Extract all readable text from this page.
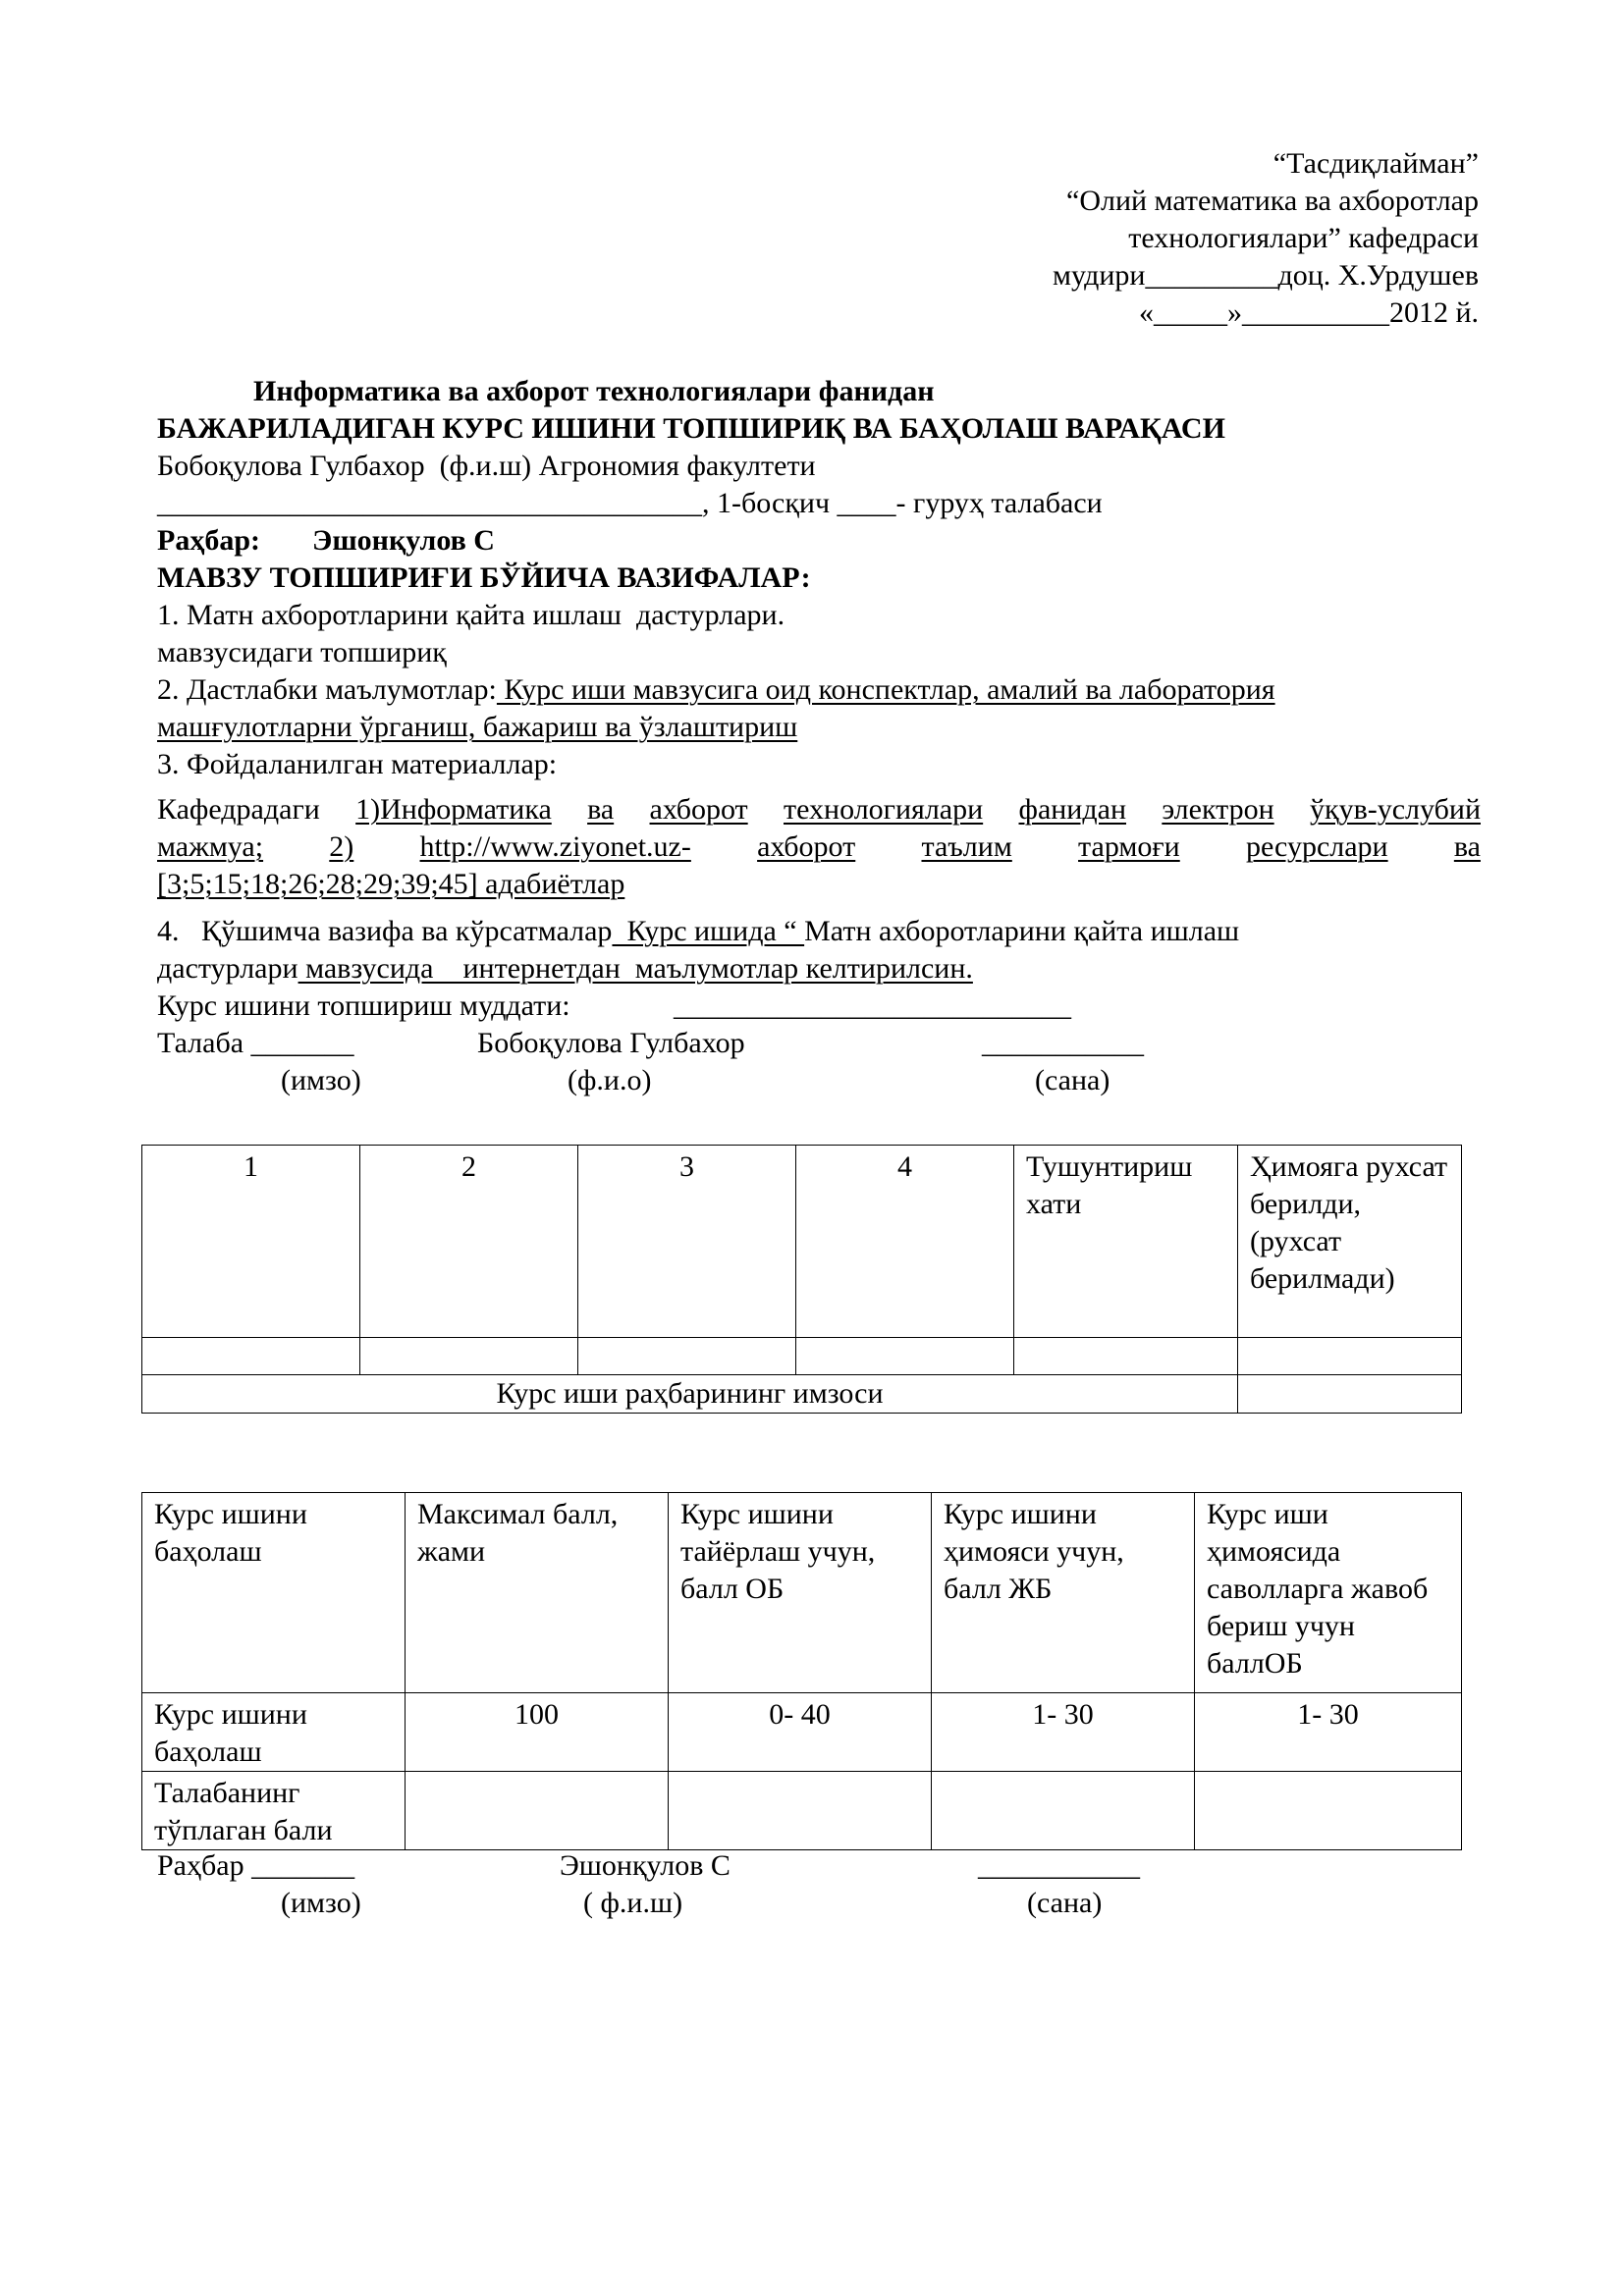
“Тасдиқлайман”
“Олий математика ва ахборотлар
технологиялари” кафедраси
мудири_________доц. Х.Урдушев
«_____»__________2012 й.
Информатика ва ахборот технологиялари фанидан
БАЖАРИЛАДИГАН КУРС ИШИНИ ТОПШИРИҚ ВА БАҲОЛАШ ВАРАҚАСИ
Бобоқулова Гулбахор  (ф.и.ш) Агрономия факултети
_____________________________________, 1-босқич ____- гуруҳ талабаси
Раҳбар: Эшонқулов С
МАВЗУ ТОПШИРИҒИ БЎЙИЧА ВАЗИФАЛАР:
1. Матн ахборотларини қайта ишлаш  дастурлари.
мавзусидаги топшириқ
2. Дастлабки маълумотлар: Курс иши мавзусига оид конспектлар, амалий ва лаборатория
машғулотларни ўрганиш, бажариш ва ўзлаштириш
3. Фойдаланилган материаллар:
Кафедрадаги 1)Информатика ва ахборот технологиялари фанидан электрон ўқув-услубий
мажмуа; 2) http://www.ziyonet.uz- ахборот таълим тармоғи ресурслари ва
[3;5;15;18;26;28;29;39;45] адабиётлар
4.   Қўшимча вазифа ва кўрсатмалар  Курс ишида “ Матн ахборотларини қайта ишлаш
дастурлари мавзусида    интернетдан  маълумотлар келтирилсин.
Курс ишини топшириш муддати:	___________________________
Талаба _______	Бобоқулова Гулбахор	___________
(имзо)	(ф.и.о)	(сана)
1	2	3	4	Тушунтириш хати	Ҳимояга рухсат берилди, (рухсат берилмади)

Курс иши раҳбарининг имзоси					
Курс ишини баҳолаш	Максимал балл, жами	Курс ишини тайёрлаш учун, балл ОБ	Курс ишини ҳимояси учун, балл ЖБ	Курс иши ҳимоясида саволларга жавоб бериш учун баллОБ
Курс ишини баҳолаш	100	0- 40	1- 30	1- 30
Талабанинг тўплаган бали				
Раҳбар _______	Эшонқулов С	___________
(имзо)	( ф.и.ш)	(сана)
